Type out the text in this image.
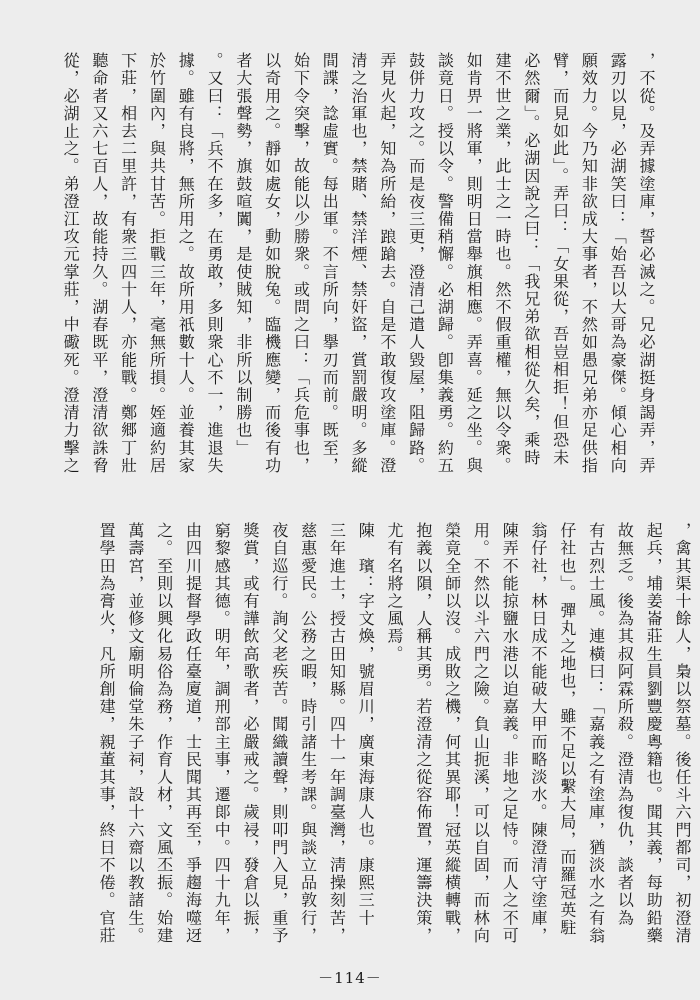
，不從。及弄據塗庫，誓必滅之。兄必湖挺身謁弄，弄
露刃以見，必湖笑曰：「始吾以大哥為豪傑。傾心相向
願效力。今乃知非欲成大事者，不然如愚兄弟亦足供指
臂，而見如此」。弄曰：「女果從，吾豈相拒！但恐未
必然爾」。必湖因說之曰：「我兄弟欲相從久矣，乘時
建不世之業，此士之一時也。然不假重權，無以令衆。
如肯畀一將軍，則明日當舉旗相應。弄喜。延之坐。與
談竟日。授以令。警備稍懈。必湖歸。卽集義勇。約五
鼓併力攻之。而是夜三更，澄清己遣人毀屋，阻歸路。
弄見火起，知為所紿，踉蹌去。自是不敢復攻塗庫。澄
清之治軍也，禁賭、禁洋煙、禁奸盜，賞罰嚴明。多縱
間諜，諗虛實。每出軍。不言所向，擧刃而前。既至，
始下令突擊，故能以少勝衆。或問之曰：「兵危事也，
以奇用之。靜如處女，動如脫兔。臨機應變，而後有功
者大張聲勢，旗鼓喧闐，是使賊知，非所以制勝也」
。又曰：「兵不在多，在勇敢，多則衆心不一，進退失
據。雖有良將，無所用之。故所用祇數十人。並養其家
於竹圍內，與共甘苦。拒戰三年，毫無所損。姪適約居
下莊，相去二里許，有衆三四十人，亦能戰。鄭郷丁壯
聽命者又六七百人，故能持久。湖春既平，澄清欲誅脅
從，必湖止之。弟澄江攻元掌莊，中礮死。澄清力擊之
，禽其渠十餘人，梟以祭墓。後任斗六門都司，初澄清
起兵，埔姜崙莊生員劉豐慶粵籍也。聞其義，每助鉛藥
故無乏。後為其叔阿霖所殺。澄清為復仇，談者以為
有古烈士風。連橫曰：「嘉義之有塗庫，猶淡水之有翁
仔社也」。彈丸之地也，雖不足以繫大局，而羅冠英駐
翁仔社，林日成不能破大甲而略淡水。陳澄清守塗庫，
陳弄不能掠鹽水港以迫嘉義。非地之足恃。而人之不可
用。不然以斗六門之險。負山扼溪，可以自固，而林向
榮竟全師以沒。成敗之機，何其異耶！冠英縱横轉戰，
抱義以隕，人稱其勇。若澄清之從容佈置，運籌決策，
尤有名將之風焉。
陳　璸：字文煥，號眉川，廣東海康人也。康熙三十
三年進士，授古田知縣。四十一年調臺灣，淸操刻苦，
慈惠愛民。公務之暇，時引諸生考課。與談立品敦行，
夜自巡行。詢父老疾苦。聞織讀聲，則叩門入見，重予
獎賞，或有譁飲高歌者，必嚴戒之。歲祲，發倉以振，
窮黎感其德。明年，調刑部主事，遷郞中。四十九年，
由四川提督學政任臺廈道，士民聞其再至，爭趨海噬迓
之。至則以興化易俗為務，作育人材，文風丕振。始建
萬壽宮，並修文廟明倫堂朱子祠，設十六齋以教諸生。
置學田為膏火，凡所創建，親董其事，終日不倦。官莊
－114－
